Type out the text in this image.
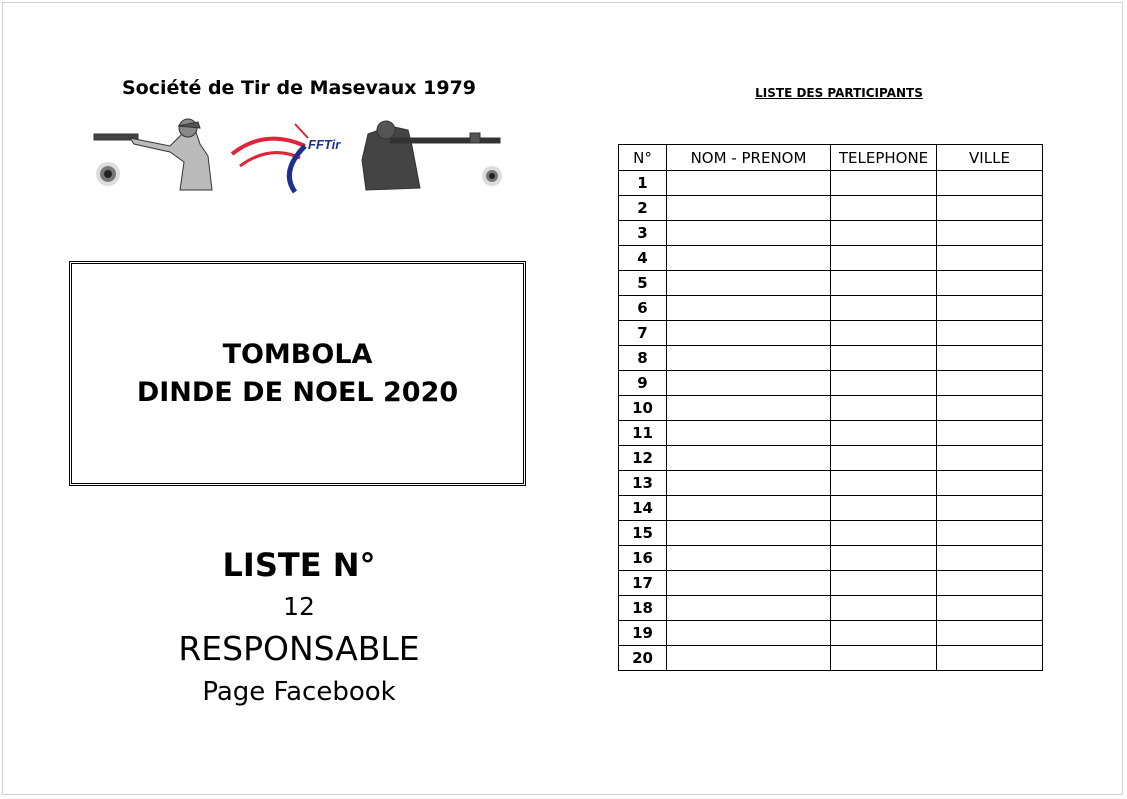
Société de Tir de Masevaux 1979
FFTir
TOMBOLA
DINDE DE NOEL 2020
LISTE N°
12
RESPONSABLE
Page Facebook
LISTE DES PARTICIPANTS
N°	NOM - PRENOM	TELEPHONE	VILLE
1			
2			
3			
4			
5			
6			
7			
8			
9			
10			
11			
12			
13			
14			
15			
16			
17			
18			
19			
20			
